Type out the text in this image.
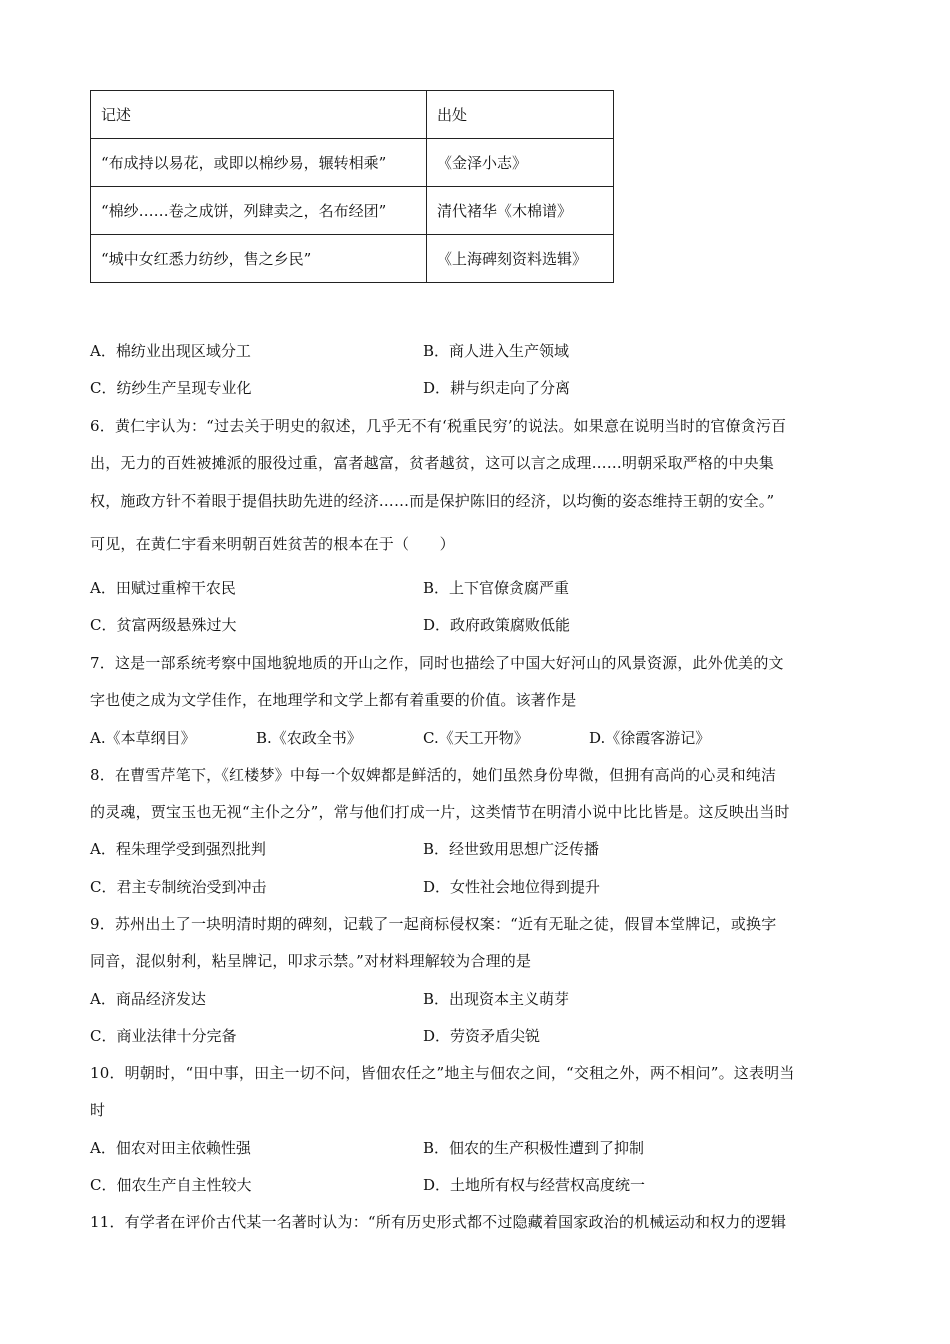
记述	出处
“布成持以易花，或即以棉纱易，辗转相乘”	《金泽小志》
“棉纱……卷之成饼，列肆卖之，名布经团”	清代褚华《木棉谱》
“城中女红悉力纺纱，售之乡民”	《上海碑刻资料选辑》
A．棉纺业出现区域分工	B．商人进入生产领域
C．纺纱生产呈现专业化	D．耕与织走向了分离
6．黄仁宇认为：“过去关于明史的叙述，几乎无不有‘税重民穷’的说法。如果意在说明当时的官僚贪污百
出，无力的百姓被摊派的服役过重，富者越富，贫者越贫，这可以言之成理……明朝采取严格的中央集
权，施政方针不着眼于提倡扶助先进的经济……而是保护陈旧的经济，以均衡的姿态维持王朝的安全。”
可见，在黄仁宇看来明朝百姓贫苦的根本在于（　　）
A．田赋过重榨干农民	B．上下官僚贪腐严重
C．贫富两级悬殊过大	D．政府政策腐败低能
7．这是一部系统考察中国地貌地质的开山之作，同时也描绘了中国大好河山的风景资源，此外优美的文
字也使之成为文学佳作，在地理学和文学上都有着重要的价值。该著作是
A.《本草纲目》	B.《农政全书》	C.《天工开物》	D.《徐霞客游记》
8．在曹雪芹笔下，《红楼梦》中每一个奴婢都是鲜活的，她们虽然身份卑微，但拥有高尚的心灵和纯洁
的灵魂，贾宝玉也无视“主仆之分”，常与他们打成一片，这类情节在明清小说中比比皆是。这反映出当时
A．程朱理学受到强烈批判	B．经世致用思想广泛传播
C．君主专制统治受到冲击	D．女性社会地位得到提升
9．苏州出土了一块明清时期的碑刻，记载了一起商标侵权案：“近有无耻之徒，假冒本堂牌记，或换字
同音，混似射利，粘呈牌记，叩求示禁。”对材料理解较为合理的是
A．商品经济发达	B．出现资本主义萌芽
C．商业法律十分完备	D．劳资矛盾尖锐
10．明朝时，“田中事，田主一切不问，皆佃农任之”地主与佃农之间，“交租之外，两不相问”。这表明当
时
A．佃农对田主依赖性强	B．佃农的生产积极性遭到了抑制
C．佃农生产自主性较大	D．土地所有权与经营权高度统一
11．有学者在评价古代某一名著时认为：“所有历史形式都不过隐藏着国家政治的机械运动和权力的逻辑
